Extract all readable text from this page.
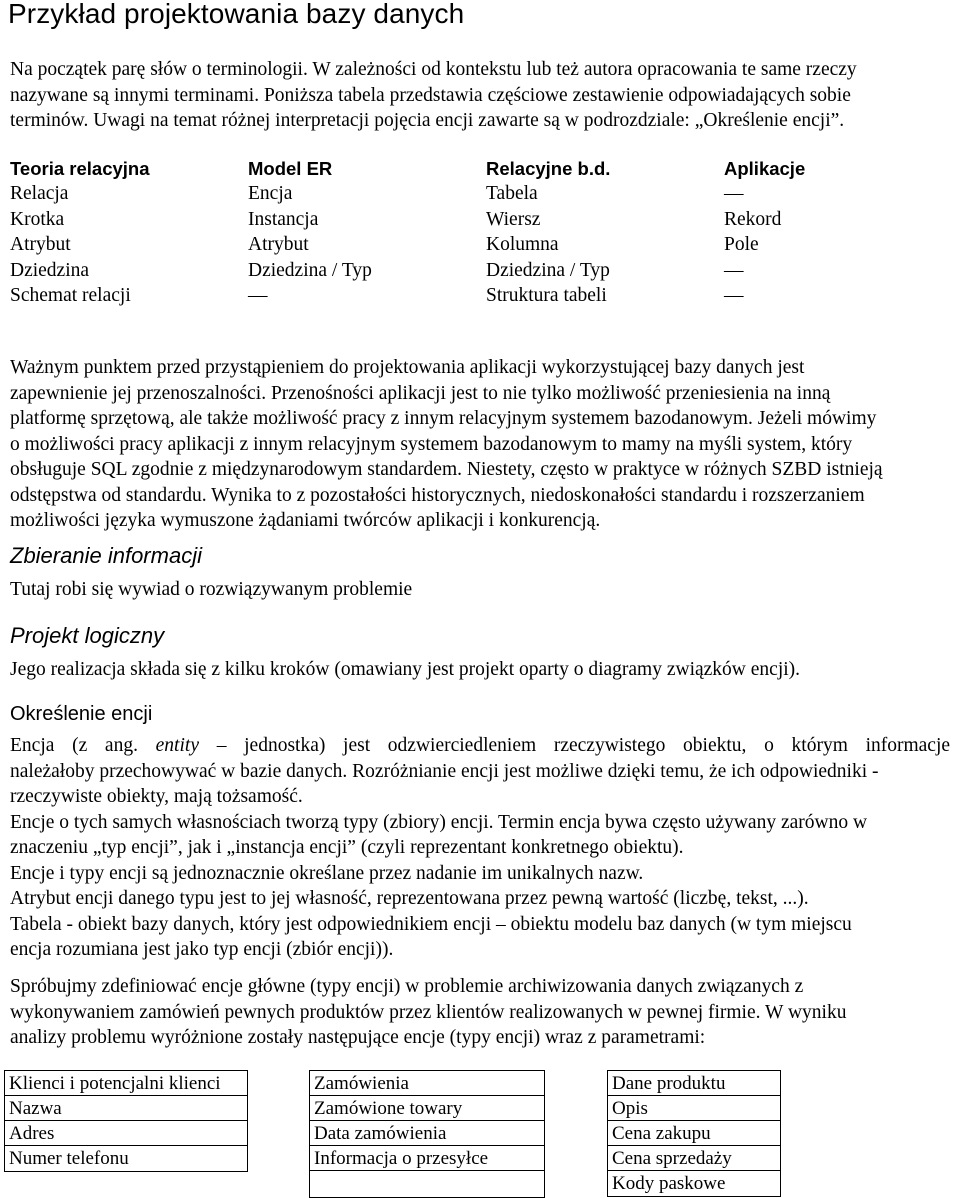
Przykład projektowania bazy danych
Na początek parę słów o terminologii. W zależności od kontekstu lub też autora opracowania te same rzeczy
nazywane są innymi terminami. Poniższa tabela przedstawia częściowe zestawienie odpowiadających sobie
terminów. Uwagi na temat różnej interpretacji pojęcia encji zawarte są w podrozdziale: „Określenie encji”.
Teoria relacyjna	Model ER	Relacyjne b.d.	Aplikacje
Relacja	Encja	Tabela	—
Krotka	Instancja	Wiersz	Rekord
Atrybut	Atrybut	Kolumna	Pole
Dziedzina	Dziedzina / Typ	Dziedzina / Typ	—
Schemat relacji	—	Struktura tabeli	—
Ważnym punktem przed przystąpieniem do projektowania aplikacji wykorzystującej bazy danych jest
zapewnienie jej przenoszalności. Przenośności aplikacji jest to nie tylko możliwość przeniesienia na inną
platformę sprzętową, ale także możliwość pracy z innym relacyjnym systemem bazodanowym. Jeżeli mówimy
o możliwości pracy aplikacji z innym relacyjnym systemem bazodanowym to mamy na myśli system, który
obsługuje SQL zgodnie z międzynarodowym standardem. Niestety, często w praktyce w różnych SZBD istnieją
odstępstwa od standardu. Wynika to z pozostałości historycznych, niedoskonałości standardu i rozszerzaniem
możliwości języka wymuszone żądaniami twórców aplikacji i konkurencją.
Zbieranie informacji
Tutaj robi się wywiad o rozwiązywanym problemie
Projekt logiczny
Jego realizacja składa się z kilku kroków (omawiany jest projekt oparty o diagramy związków encji).
Określenie encji
Encja (z ang. entity – jednostka) jest odzwierciedleniem rzeczywistego obiektu, o którym informacje
należałoby przechowywać w bazie danych. Rozróżnianie encji jest możliwe dzięki temu, że ich odpowiedniki -
rzeczywiste obiekty, mają tożsamość.
Encje o tych samych własnościach tworzą typy (zbiory) encji. Termin encja bywa często używany zarówno w
znaczeniu „typ encji”, jak i „instancja encji” (czyli reprezentant konkretnego obiektu).
Encje i typy encji są jednoznacznie określane przez nadanie im unikalnych nazw.
Atrybut encji danego typu jest to jej własność, reprezentowana przez pewną wartość (liczbę, tekst, ...).
Tabela - obiekt bazy danych, który jest odpowiednikiem encji – obiektu modelu baz danych (w tym miejscu
encja rozumiana jest jako typ encji (zbiór encji)).
Spróbujmy zdefiniować encje główne (typy encji) w problemie archiwizowania danych związanych z
wykonywaniem zamówień pewnych produktów przez klientów realizowanych w pewnej firmie. W wyniku
analizy problemu wyróżnione zostały następujące encje (typy encji) wraz z parametrami:
Klienci i potencjalni klienci
Nazwa
Adres
Numer telefonu
Zamówienia
Zamówione towary
Data zamówienia
Informacja o przesyłce
Dane produktu
Opis
Cena zakupu
Cena sprzedaży
Kody paskowe
